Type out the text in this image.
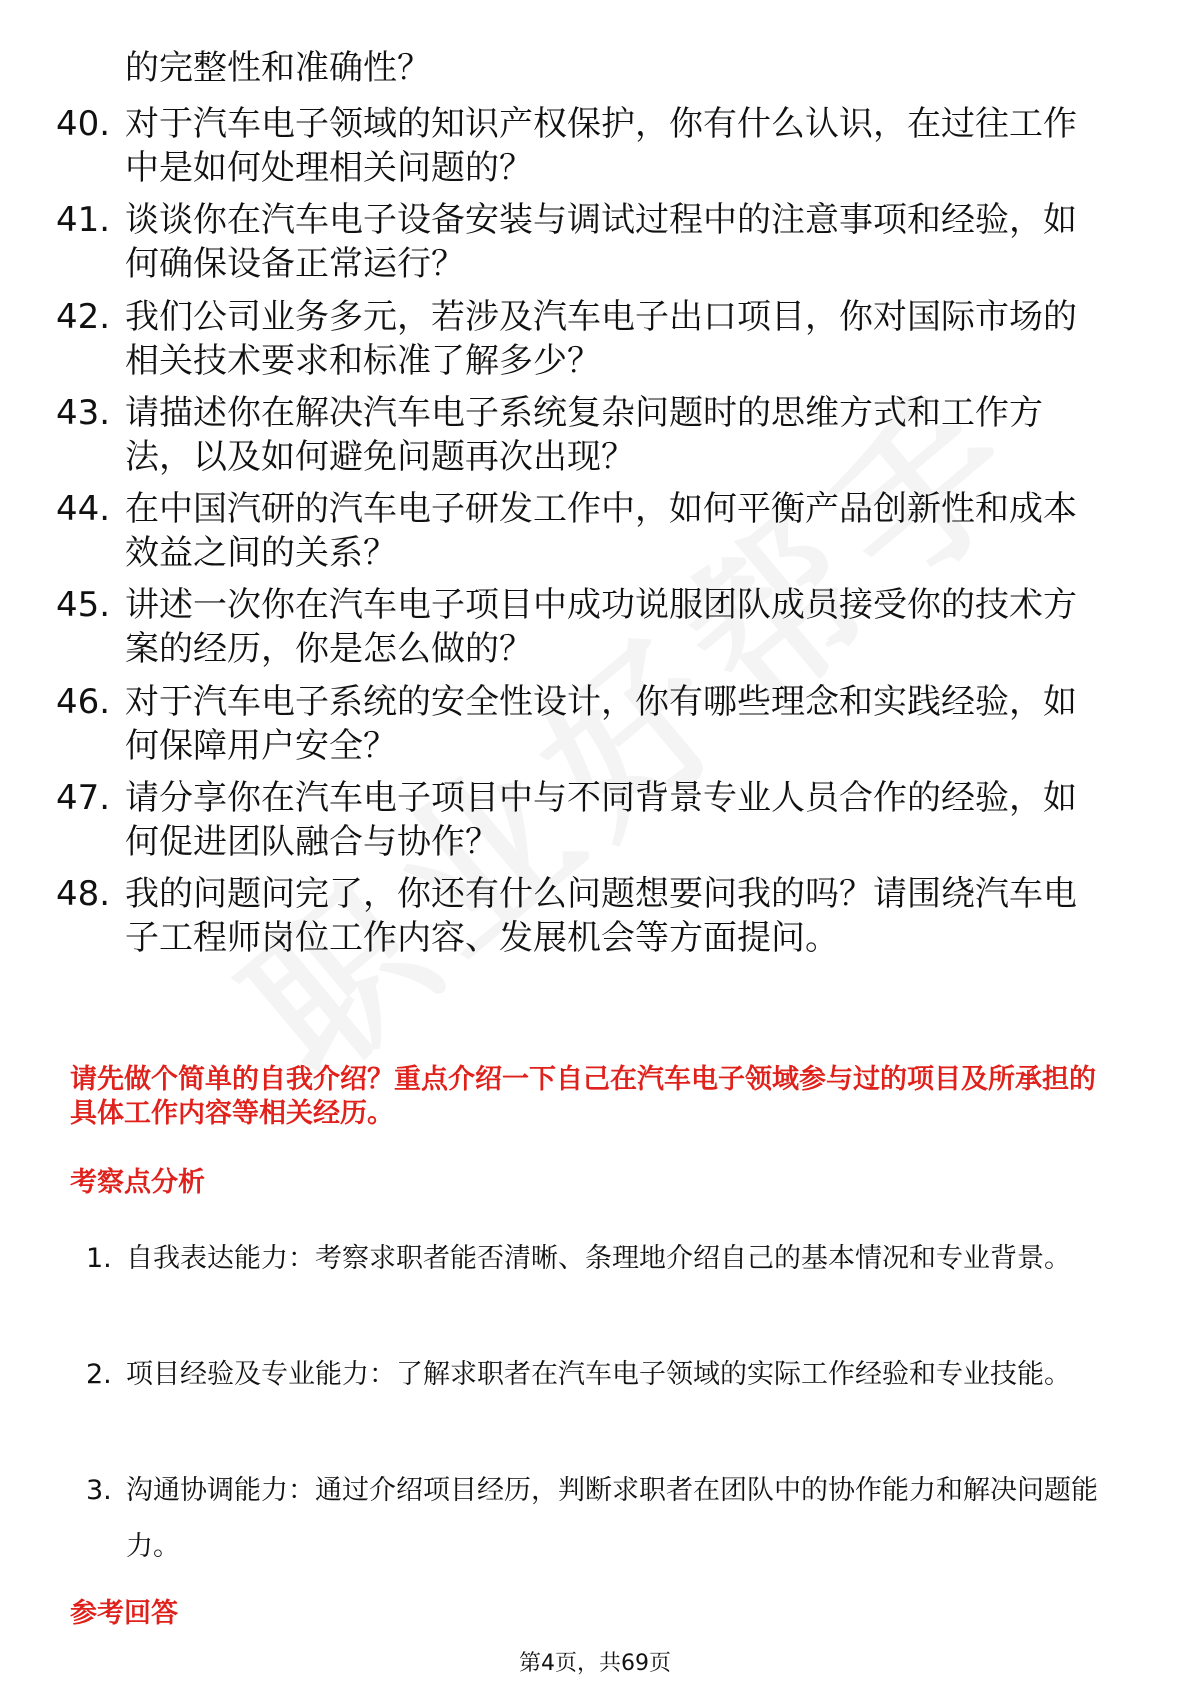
的完整性和准确性？
40. 对于汽车电子领域的知识产权保护，你有什么认识，在过往工作中是如何处理相关问题的？
41. 谈谈你在汽车电子设备安装与调试过程中的注意事项和经验，如何确保设备正常运行？
42. 我们公司业务多元，若涉及汽车电子出口项目，你对国际市场的相关技术要求和标准了解多少？
43. 请描述你在解决汽车电子系统复杂问题时的思维方式和工作方法，以及如何避免问题再次出现？
44. 在中国汽研的汽车电子研发工作中，如何平衡产品创新性和成本效益之间的关系？
45. 讲述一次你在汽车电子项目中成功说服团队成员接受你的技术方案的经历，你是怎么做的？
46. 对于汽车电子系统的安全性设计，你有哪些理念和实践经验，如何保障用户安全？
47. 请分享你在汽车电子项目中与不同背景专业人员合作的经验，如何促进团队融合与协作？
48. 我的问题问完了，你还有什么问题想要问我的吗？请围绕汽车电子工程师岗位工作内容、发展机会等方面提问。
请先做个简单的自我介绍？重点介绍一下自己在汽车电子领域参与过的项目及所承担的具体工作内容等相关经历。
考察点分析
1. 自我表达能力：考察求职者能否清晰、条理地介绍自己的基本情况和专业背景。
2. 项目经验及专业能力：了解求职者在汽车电子领域的实际工作经验和专业技能。
3. 沟通协调能力：通过介绍项目经历，判断求职者在团队中的协作能力和解决问题能力。
参考回答
第4页，共69页
